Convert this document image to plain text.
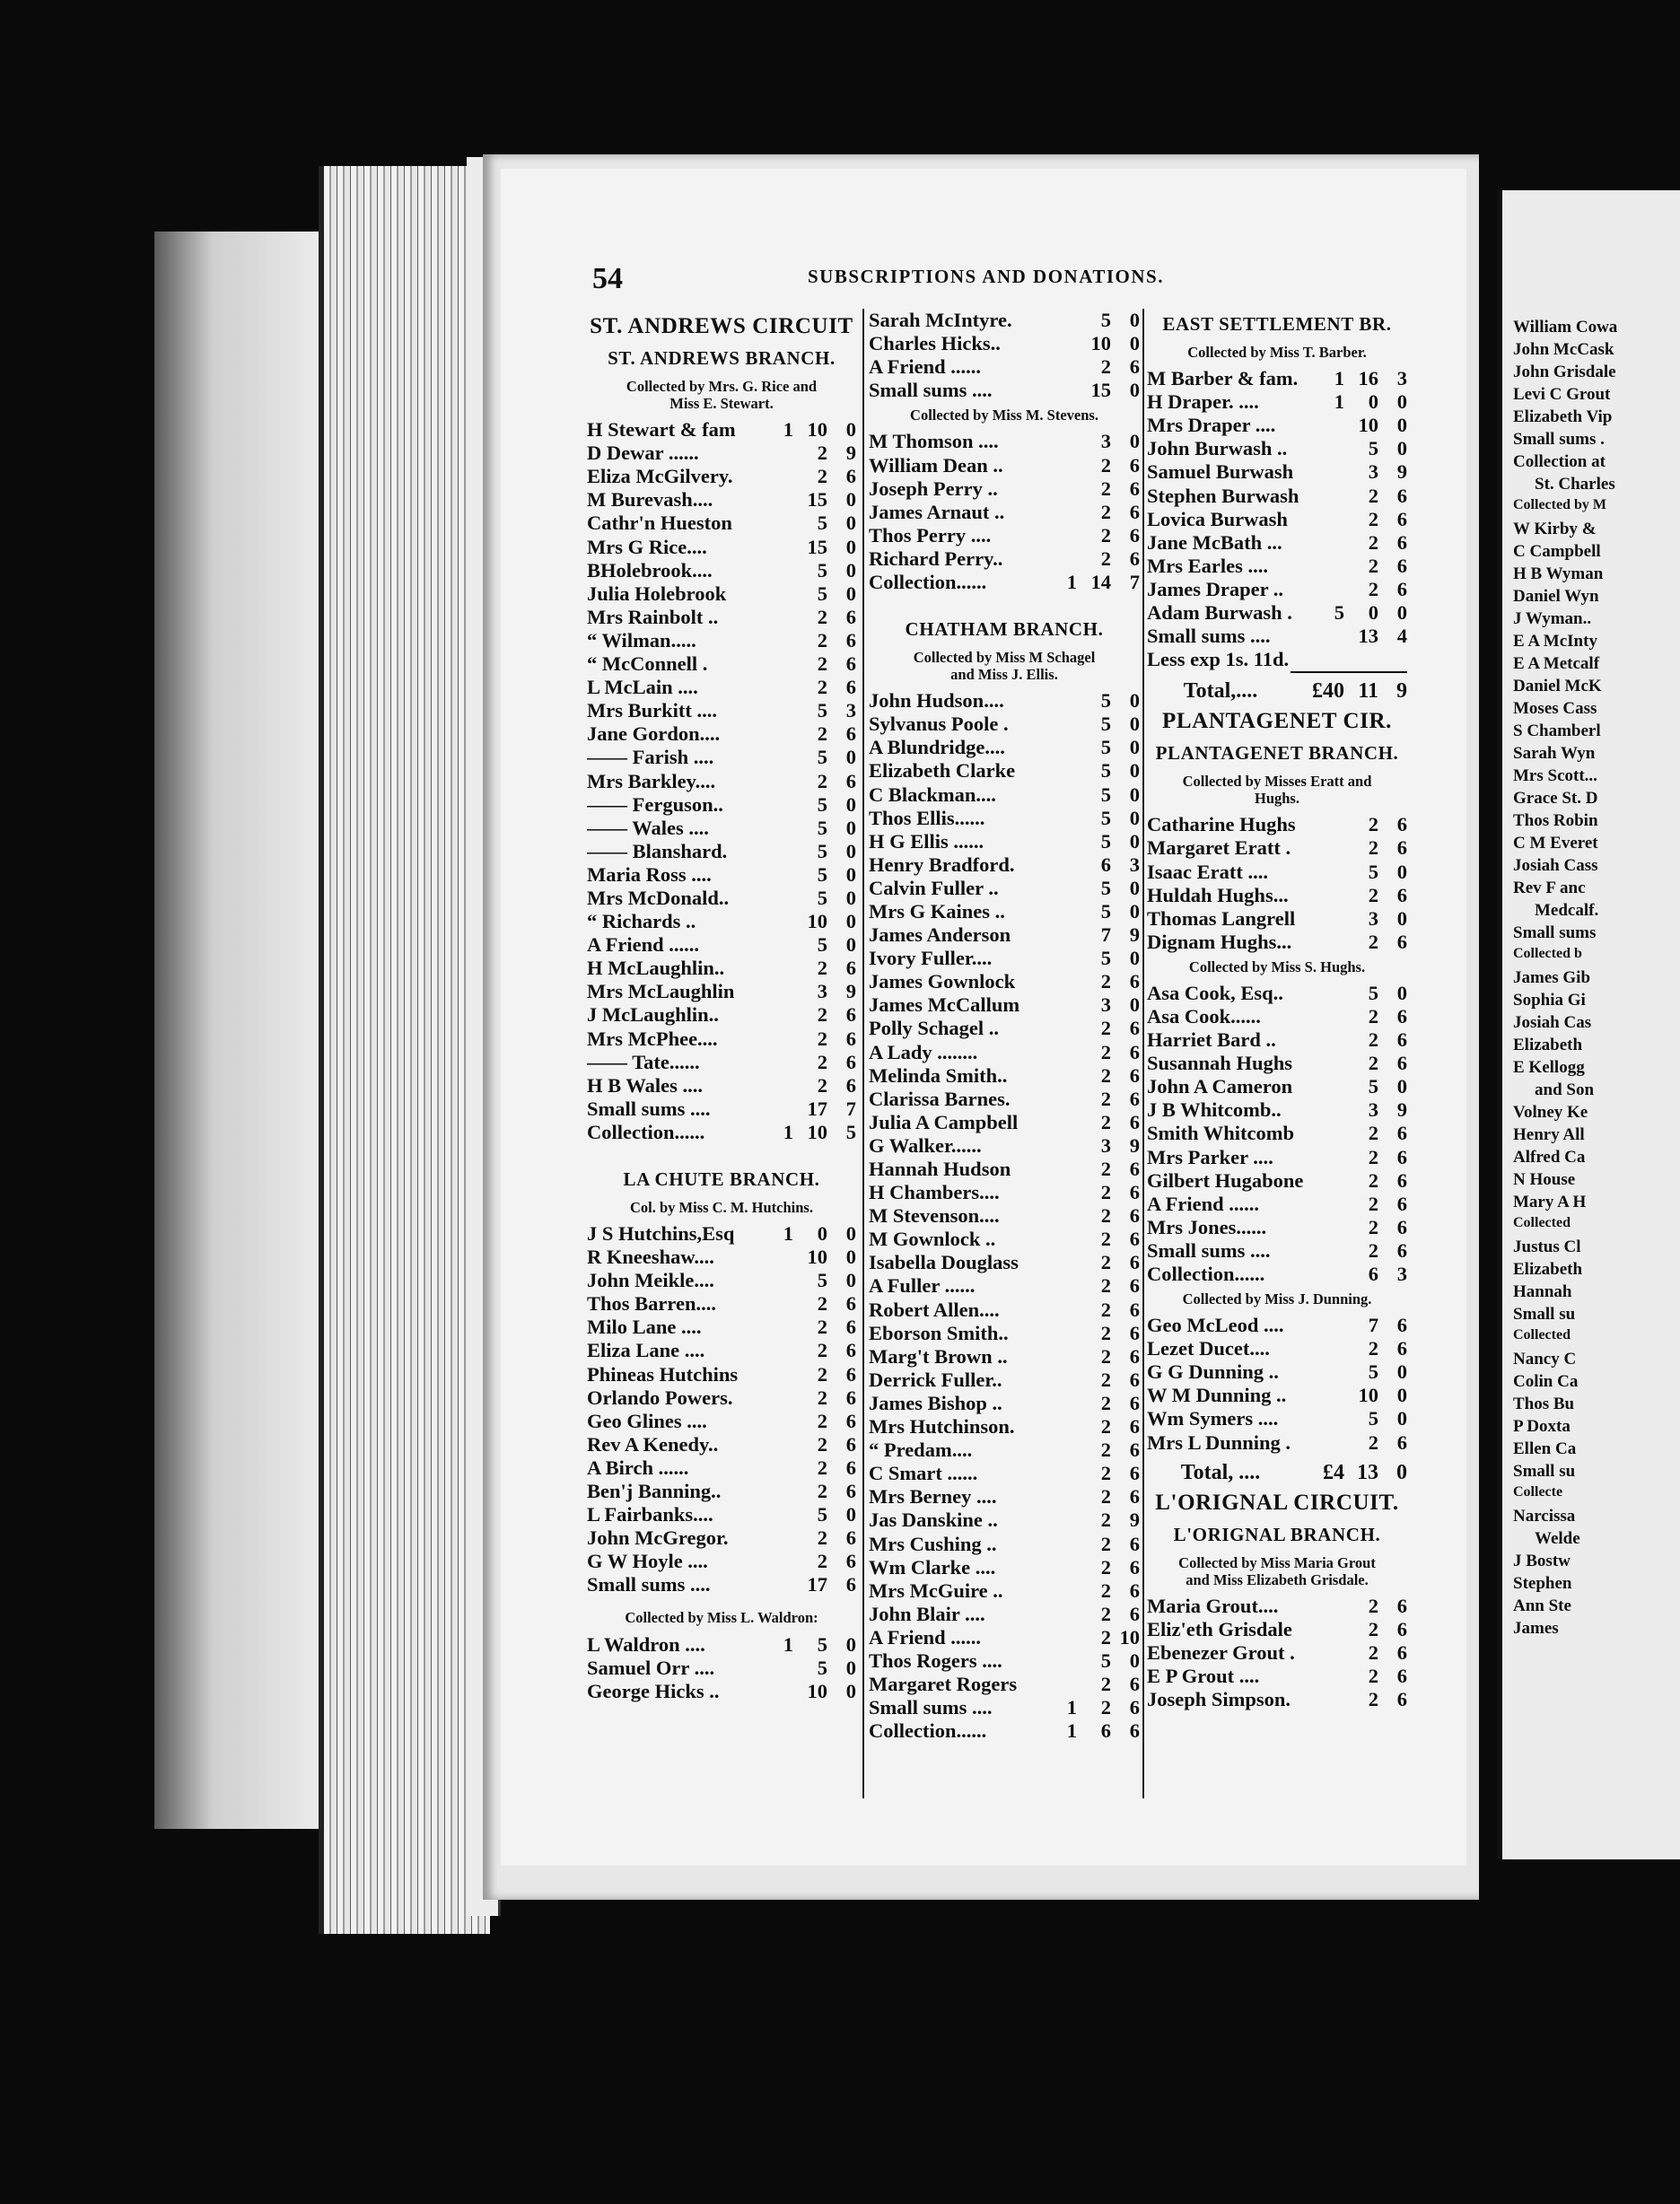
54	SUBSCRIPTIONS AND DONATIONS.
ST. ANDREWS CIRCUIT
ST. ANDREWS BRANCH.
Collected by Mrs. G. Rice and
Miss E. Stewart.
H Stewart & fam	1 10 0
D Dewar ......	2 9
Eliza McGilvery.	2 6
M Burevash....	15 0
Cathr'n Hueston	5 0
Mrs G Rice....	15 0
BHolebrook....	5 0
Julia Holebrook	5 0
Mrs Rainbolt ..	2 6
“ Wilman.....	2 6
“ McConnell .	2 6
L McLain ....	2 6
Mrs Burkitt ....	5 3
Jane Gordon....	2 6
—— Farish ....	5 0
Mrs Barkley....	2 6
—— Ferguson..	5 0
—— Wales ....	5 0
—— Blanshard.	5 0
Maria Ross ....	5 0
Mrs McDonald..	5 0
“ Richards ..	10 0
A Friend ......	5 0
H McLaughlin..	2 6
Mrs McLaughlin	3 9
J McLaughlin..	2 6
Mrs McPhee....	2 6
—— Tate......	2 6
H B Wales ....	2 6
Small sums ....	17 7
Collection......	1 10 5
LA CHUTE BRANCH.
Col. by Miss C. M. Hutchins.
J S Hutchins,Esq	1	0 0
R Kneeshaw....	10 0
John Meikle....	5 0
Thos Barren....	2 6
Milo Lane ....	2 6
Eliza Lane ....	2 6
Phineas Hutchins	2 6
Orlando Powers.	2 6
Geo Glines ....	2 6
Rev A Kenedy..	2 6
A Birch ......	2 6
Ben'j Banning..	2 6
L Fairbanks....	5 0
John McGregor.	2 6
G W Hoyle ....	2 6
Small sums ....	17 6
Collected by Miss L. Waldron:
L Waldron ....	1	5 0
Samuel Orr ....	5 0
George Hicks ..	10 0
Sarah McIntyre.	5 0
Charles Hicks..	10 0
A Friend ......	2 6
Small sums ....	15 0
Collected by Miss M. Stevens.
M Thomson ....	3 0
William Dean ..	2 6
Joseph Perry ..	2 6
James Arnaut ..	2 6
Thos Perry ....	2 6
Richard Perry..	2 6
Collection......	1 14 7
CHATHAM BRANCH.
Collected by Miss M Schagel
and Miss J. Ellis.
John Hudson....	5 0
Sylvanus Poole .	5 0
A Blundridge....	5 0
Elizabeth Clarke	5 0
C Blackman....	5 0
Thos Ellis......	5 0
H G Ellis ......	5 0
Henry Bradford.	6 3
Calvin Fuller ..	5 0
Mrs G Kaines ..	5 0
James Anderson	7 9
Ivory Fuller....	5 0
James Gownlock	2 6
James McCallum	3 0
Polly Schagel ..	2 6
A Lady ........	2 6
Melinda Smith..	2 6
Clarissa Barnes.	2 6
Julia A Campbell	2 6
G Walker......	3 9
Hannah Hudson	2 6
H Chambers....	2 6
M Stevenson....	2 6
M Gownlock ..	2 6
Isabella Douglass	2 6
A Fuller ......	2 6
Robert Allen....	2 6
Eborson Smith..	2 6
Marg't Brown ..	2 6
Derrick Fuller..	2 6
James Bishop ..	2 6
Mrs Hutchinson.	2 6
“ Predam....	2 6
C Smart ......	2 6
Mrs Berney ....	2 6
Jas Danskine ..	2 9
Mrs Cushing ..	2 6
Wm Clarke ....	2 6
Mrs McGuire ..	2 6
John Blair ....	2 6
A Friend ......	2 10
Thos Rogers ....	5 0
Margaret Rogers	2 6
Small sums ....	1	2 6
Collection......	1	6 6
EAST SETTLEMENT BR.
Collected by Miss T. Barber.
M Barber & fam.	1 16 3
H Draper. ....	1	0 0
Mrs Draper ....	10 0
John Burwash ..	5 0
Samuel Burwash	3 9
Stephen Burwash	2 6
Lovica Burwash	2 6
Jane McBath ...	2 6
Mrs Earles ....	2 6
James Draper ..	2 6
Adam Burwash .	5	0 0
Small sums ....	13 4
Less exp 1s. 11d.
Total,....	£40 11 9
PLANTAGENET CIR.
PLANTAGENET BRANCH.
Collected by Misses Eratt and
Hughs.
Catharine Hughs	2 6
Margaret Eratt .	2 6
Isaac Eratt ....	5 0
Huldah Hughs...	2 6
Thomas Langrell	3 0
Dignam Hughs...	2 6
Collected by Miss S. Hughs.
Asa Cook, Esq..	5 0
Asa Cook......	2 6
Harriet Bard ..	2 6
Susannah Hughs	2 6
John A Cameron	5 0
J B Whitcomb..	3 9
Smith Whitcomb	2 6
Mrs Parker ....	2 6
Gilbert Hugabone	2 6
A Friend ......	2 6
Mrs Jones......	2 6
Small sums ....	2 6
Collection......	6 3
Collected by Miss J. Dunning.
Geo McLeod ....	7 6
Lezet Ducet....	2 6
G G Dunning ..	5 0
W M Dunning ..	10 0
Wm Symers ....	5 0
Mrs L Dunning .	2 6
Total, ....	£4 13 0
L'ORIGNAL CIRCUIT.
L'ORIGNAL BRANCH.
Collected by Miss Maria Grout
and Miss Elizabeth Grisdale.
Maria Grout....	2 6
Eliz'eth Grisdale	2 6
Ebenezer Grout .	2 6
E P Grout ....	2 6
Joseph Simpson.	2 6
William Cowa
John McCask
John Grisdale
Levi C Grout
Elizabeth Vip
Small sums .
Collection at
St. Charles
Collected by M
W Kirby &
C Campbell
H B Wyman
Daniel Wyn
J Wyman..
E A McInty
E A Metcalf
Daniel McK
Moses Cass
S Chamberl
Sarah Wyn
Mrs Scott...
Grace St. D
Thos Robin
C M Everet
Josiah Cass
Rev F anc
Medcalf.
Small sums
Collected b
James Gib
Sophia Gi
Josiah Cas
Elizabeth
E Kellogg
and Son
Volney Ke
Henry All
Alfred Ca
N House
Mary A H
Collected
Justus Cl
Elizabeth
Hannah
Small su
Collected
Nancy C
Colin Ca
Thos Bu
P Doxta
Ellen Ca
Small su
Collecte
Narcissa
Welde
J Bostw
Stephen
Ann Ste
James
